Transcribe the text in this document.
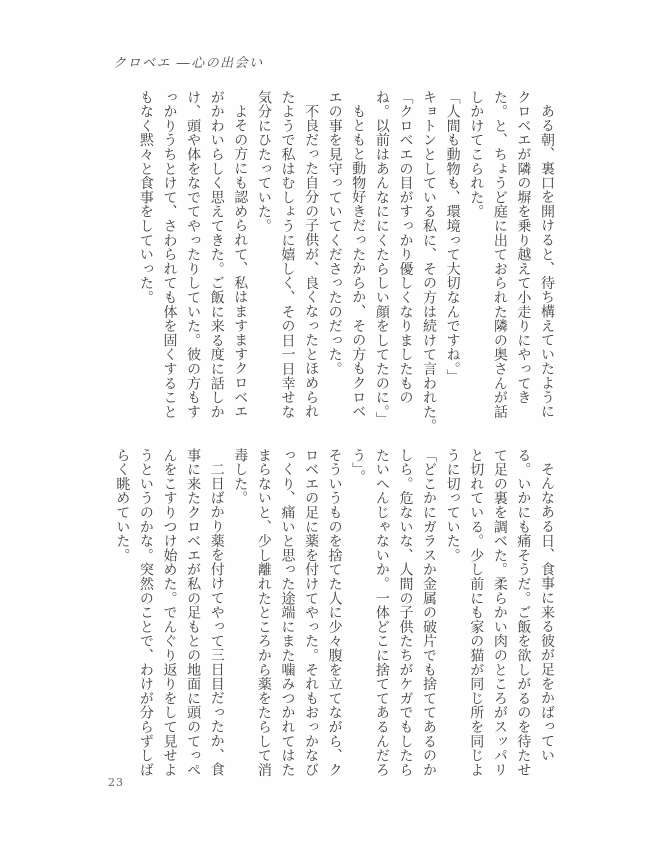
クロベエ ―心の出会い
ある朝、裏口を開けると、待ち構えていたように
クロベエが隣の塀を乗り越えて小走りにやってき
た。と、ちょうど庭に出ておられた隣の奥さんが話
しかけてこられた。
「人間も動物も、環境って大切なんですね。」
キョトンとしている私に、その方は続けて言われた。
「クロベエの目がすっかり優しくなりましたもの
ね。以前はあんなににくたらしい顔をしてたのに。」
もともと動物好きだったからか、その方もクロベ
エの事を見守っていてくださったのだった。
不良だった自分の子供が、良くなったとほめられ
たようで私はむしょうに嬉しく、その日一日幸せな
気分にひたっていた。
よその方にも認められて、私はますますクロベエ
がかわいらしく思えてきた。ご飯に来る度に話しか
け、頭や体をなでてやったりしていた。彼の方もす
っかりうちとけて、さわられても体を固くすること
もなく黙々と食事をしていった。
そんなある日、食事に来る彼が足をかばってい
る。いかにも痛そうだ。ご飯を欲しがるのを待たせ
て足の裏を調べた。柔らかい肉のところがスッパリ
と切れている。少し前にも家の猫が同じ所を同じよ
うに切っていた。
「どこかにガラスか金属の破片でも捨ててあるのか
しら。危ないな、人間の子供たちがケガでもしたら
たいへんじゃないか。一体どこに捨ててあるんだろ
う」。
そういうものを捨てた人に少々腹を立てながら、ク
ロベエの足に薬を付けてやった。それもおっかなび
っくり、痛いと思った途端にまた噛みつかれてはた
まらないと、少し離れたところから薬をたらして消
毒した。
二日ばかり薬を付けてやって三日目だったか、食
事に来たクロベエが私の足もとの地面に頭のてっぺ
んをこすりつけ始めた。でんぐり返りをして見せよ
うというのかな。突然のことで、わけが分らずしば
らく眺めていた。
23
